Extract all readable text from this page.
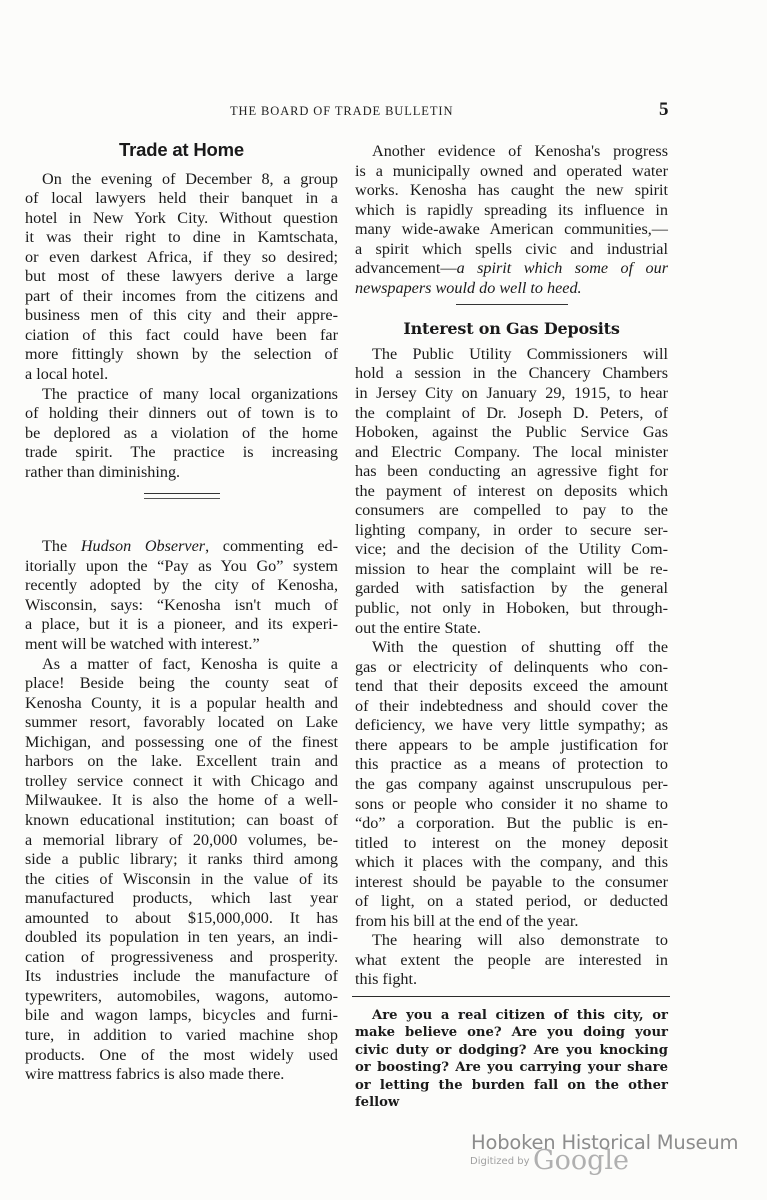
THE BOARD OF TRADE BULLETIN	5
Trade at Home

On the evening of December 8, a group
of local lawyers held their banquet in a
hotel in New York City. Without question
it was their right to dine in Kamtschata,
or even darkest Africa, if they so desired;
but most of these lawyers derive a large
part of their incomes from the citizens and
business men of this city and their appre-
ciation of this fact could have been far
more fittingly shown by the selection of
a local hotel.

The practice of many local organizations
of holding their dinners out of town is to
be deplored as a violation of the home
trade spirit. The practice is increasing
rather than diminishing.

The Hudson Observer, commenting ed-
itorially upon the “Pay as You Go” system
recently adopted by the city of Kenosha,
Wisconsin, says: “Kenosha isn't much of
a place, but it is a pioneer, and its experi-
ment will be watched with interest.”

As a matter of fact, Kenosha is quite a
place! Beside being the county seat of
Kenosha County, it is a popular health and
summer resort, favorably located on Lake
Michigan, and possessing one of the finest
harbors on the lake. Excellent train and
trolley service connect it with Chicago and
Milwaukee. It is also the home of a well-
known educational institution; can boast of
a memorial library of 20,000 volumes, be-
side a public library; it ranks third among
the cities of Wisconsin in the value of its
manufactured products, which last year
amounted to about $15,000,000. It has
doubled its population in ten years, an indi-
cation of progressiveness and prosperity.
Its industries include the manufacture of
typewriters, automobiles, wagons, automo-
bile and wagon lamps, bicycles and furni-
ture, in addition to varied machine shop
products. One of the most widely used
wire mattress fabrics is also made there.

Another evidence of Kenosha's progress
is a municipally owned and operated water
works. Kenosha has caught the new spirit
which is rapidly spreading its influence in
many wide-awake American communities,—
a spirit which spells civic and industrial
advancement—a spirit which some of our
newspapers would do well to heed.

Interest on Gas Deposits

The Public Utility Commissioners will
hold a session in the Chancery Chambers
in Jersey City on January 29, 1915, to hear
the complaint of Dr. Joseph D. Peters, of
Hoboken, against the Public Service Gas
and Electric Company. The local minister
has been conducting an agressive fight for
the payment of interest on deposits which
consumers are compelled to pay to the
lighting company, in order to secure ser-
vice; and the decision of the Utility Com-
mission to hear the complaint will be re-
garded with satisfaction by the general
public, not only in Hoboken, but through-
out the entire State.

With the question of shutting off the
gas or electricity of delinquents who con-
tend that their deposits exceed the amount
of their indebtedness and should cover the
deficiency, we have very little sympathy; as
there appears to be ample justification for
this practice as a means of protection to
the gas company against unscrupulous per-
sons or people who consider it no shame to
“do” a corporation. But the public is en-
titled to interest on the money deposit
which it places with the company, and this
interest should be payable to the consumer
of light, on a stated period, or deducted
from his bill at the end of the year.

The hearing will also demonstrate to
what extent the people are interested in
this fight.

Are you a real citizen of this city, or
make believe one? Are you doing your
civic duty or dodging? Are you knocking
or boosting? Are you carrying your share
or letting the burden fall on the other fellow
Hoboken Historical Museum
Digitized by Google
